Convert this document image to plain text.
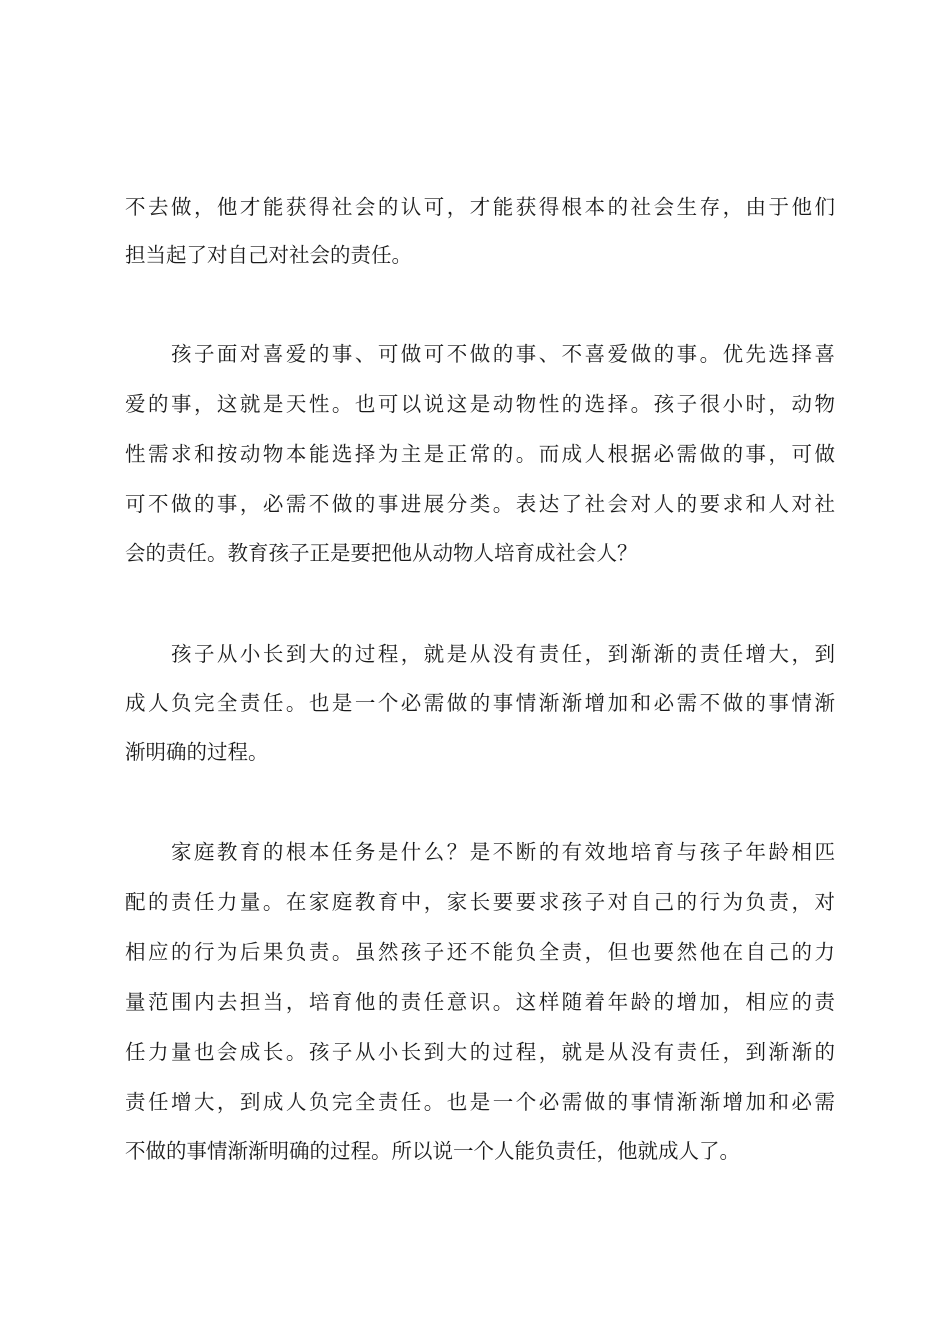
不去做，他才能获得社会的认可，才能获得根本的社会生存，由于他们
担当起了对自己对社会的责任。
　　孩子面对喜爱的事、可做可不做的事、不喜爱做的事。优先选择喜
爱的事，这就是天性。也可以说这是动物性的选择。孩子很小时，动物
性需求和按动物本能选择为主是正常的。而成人根据必需做的事，可做
可不做的事，必需不做的事进展分类。表达了社会对人的要求和人对社
会的责任。教育孩子正是要把他从动物人培育成社会人？
　　孩子从小长到大的过程，就是从没有责任，到渐渐的责任增大，到
成人负完全责任。也是一个必需做的事情渐渐增加和必需不做的事情渐
渐明确的过程。
　　家庭教育的根本任务是什么？是不断的有效地培育与孩子年龄相匹
配的责任力量。在家庭教育中，家长要要求孩子对自己的行为负责，对
相应的行为后果负责。虽然孩子还不能负全责，但也要然他在自己的力
量范围内去担当，培育他的责任意识。这样随着年龄的增加，相应的责
任力量也会成长。孩子从小长到大的过程，就是从没有责任，到渐渐的
责任增大，到成人负完全责任。也是一个必需做的事情渐渐增加和必需
不做的事情渐渐明确的过程。所以说一个人能负责任，他就成人了。
